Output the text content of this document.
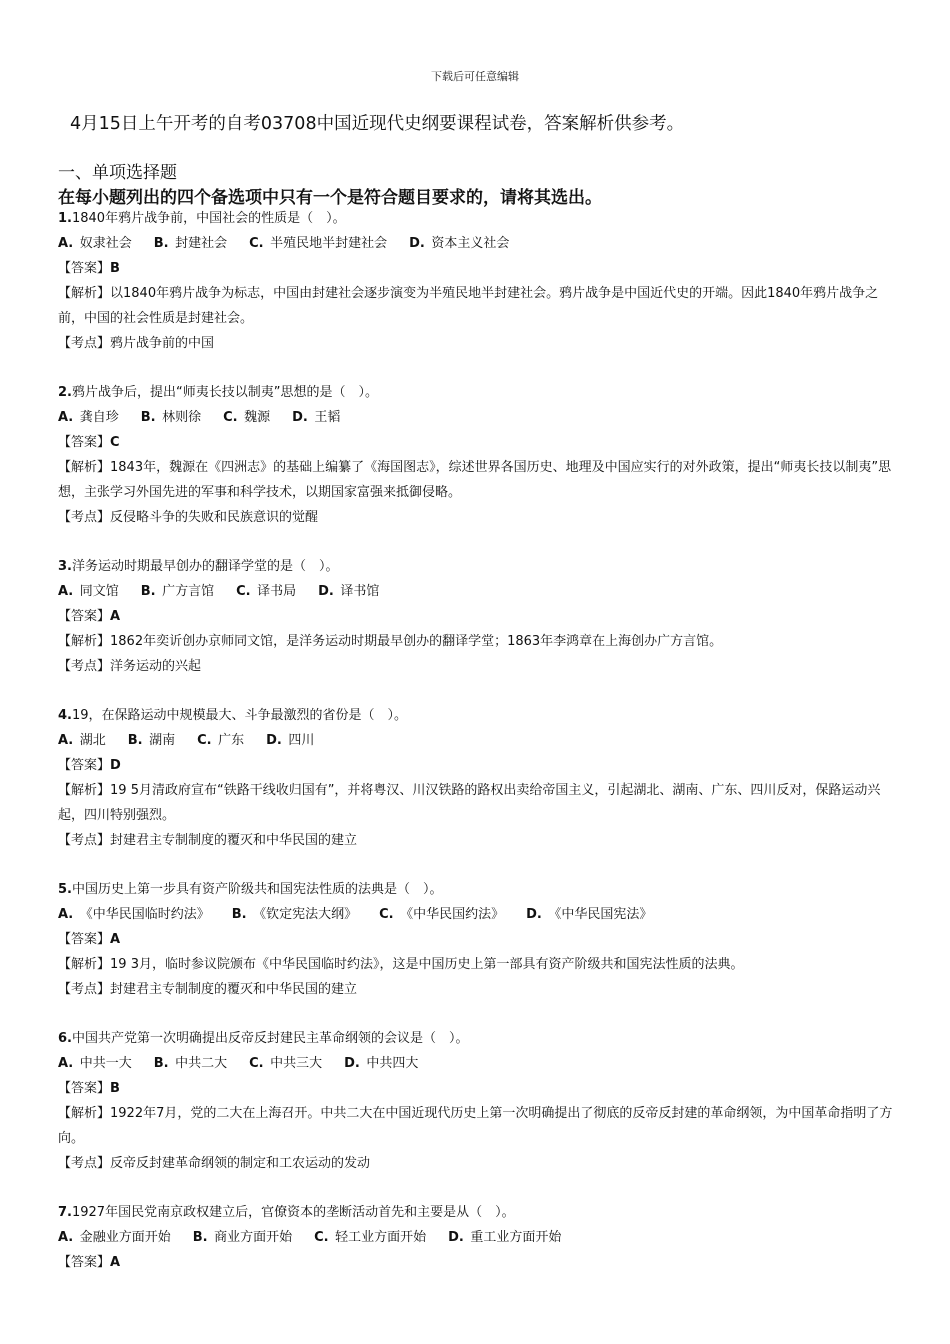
下载后可任意编辑
4月15日上午开考的自考03708中国近现代史纲要课程试卷，答案解析供参考。
一、单项选择题
在每小题列出的四个备选项中只有一个是符合题目要求的，请将其选出。
1.1840年鸦片战争前，中国社会的性质是（　）。
A.  奴隶社会 B.  封建社会 C.  半殖民地半封建社会 D.  资本主义社会
【答案】B
【解析】以1840年鸦片战争为标志，中国由封建社会逐步演变为半殖民地半封建社会。鸦片战争是中国近代史的开端。因此1840年鸦片战争之前，中国的社会性质是封建社会。
【考点】鸦片战争前的中国
2.鸦片战争后，提出“师夷长技以制夷”思想的是（　）。
A.  龚自珍 B.  林则徐 C.  魏源 D.  王韬
【答案】C
【解析】1843年，魏源在《四洲志》的基础上编纂了《海国图志》，综述世界各国历史、地理及中国应实行的对外政策，提出“师夷长技以制夷”思想，主张学习外国先进的军事和科学技术，以期国家富强来抵御侵略。
【考点】反侵略斗争的失败和民族意识的觉醒
3.洋务运动时期最早创办的翻译学堂的是（　）。
A.  同文馆 B.  广方言馆 C.  译书局 D.  译书馆
【答案】A
【解析】1862年奕䜣创办京师同文馆，是洋务运动时期最早创办的翻译学堂；1863年李鸿章在上海创办广方言馆。
【考点】洋务运动的兴起
4.19，在保路运动中规模最大、斗争最激烈的省份是（　）。
A.  湖北 B.  湖南 C.  广东 D.  四川
【答案】D
【解析】19 5月清政府宣布“铁路干线收归国有”，并将粤汉、川汉铁路的路权出卖给帝国主义，引起湖北、湖南、广东、四川反对，保路运动兴起，四川特别强烈。
【考点】封建君主专制制度的覆灭和中华民国的建立
5.中国历史上第一步具有资产阶级共和国宪法性质的法典是（　）。
A.  《中华民国临时约法》 B.  《钦定宪法大纲》 C.  《中华民国约法》 D.  《中华民国宪法》
【答案】A
【解析】19 3月，临时参议院颁布《中华民国临时约法》，这是中国历史上第一部具有资产阶级共和国宪法性质的法典。
【考点】封建君主专制制度的覆灭和中华民国的建立
6.中国共产党第一次明确提出反帝反封建民主革命纲领的会议是（　）。
A.  中共一大 B.  中共二大 C.  中共三大 D.  中共四大
【答案】B
【解析】1922年7月，党的二大在上海召开。中共二大在中国近现代历史上第一次明确提出了彻底的反帝反封建的革命纲领，为中国革命指明了方向。
【考点】反帝反封建革命纲领的制定和工农运动的发动
7.1927年国民党南京政权建立后，官僚资本的垄断活动首先和主要是从（　）。
A.  金融业方面开始 B.  商业方面开始 C.  轻工业方面开始 D.  重工业方面开始
【答案】A
